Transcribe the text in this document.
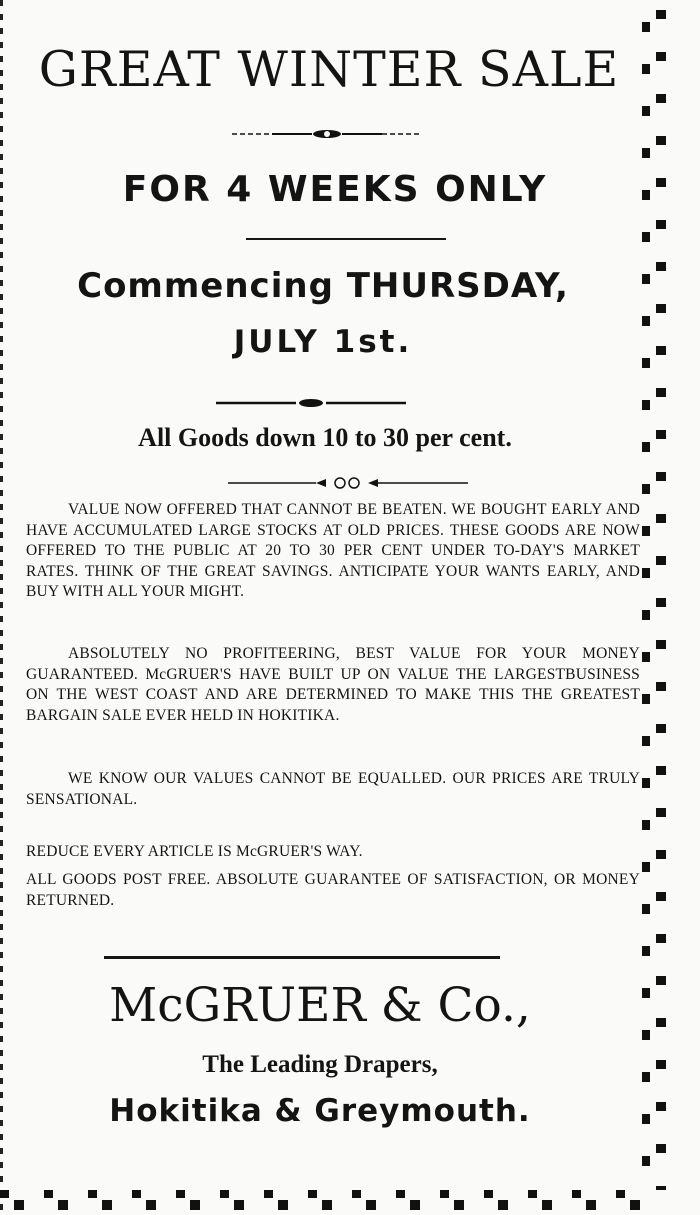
GREAT WINTER SALE
FOR 4 WEEKS ONLY
Commencing THURSDAY,
JULY 1st.
All Goods down 10 to 30 per cent.

VALUE NOW OFFERED THAT CANNOT BE BEATEN. WE BOUGHT EARLY AND HAVE ACCUMULATED LARGE STOCKS AT OLD PRICES. THESE GOODS ARE NOW OFFERED TO THE PUBLIC AT 20 TO 30 PER CENT UNDER TO-DAY'S MARKET RATES. THINK OF THE GREAT SAVINGS. ANTICIPATE YOUR WANTS EARLY, AND BUY WITH ALL YOUR MIGHT.

ABSOLUTELY NO PROFITEERING, BEST VALUE FOR YOUR MONEY GUARANTEED. McGRUER'S HAVE BUILT UP ON VALUE THE LARGESTBUSINESS ON THE WEST COAST AND ARE DETERMINED TO MAKE THIS THE GREATEST BARGAIN SALE EVER HELD IN HOKITIKA.

WE KNOW OUR VALUES CANNOT BE EQUALLED. OUR PRICES ARE TRULY SENSATIONAL.

REDUCE EVERY ARTICLE IS McGRUER'S WAY.

ALL GOODS POST FREE. ABSOLUTE GUARANTEE OF SATISFACTION, OR MONEY RETURNED.

McGRUER & Co.,
The Leading Drapers,
Hokitika & Greymouth.
